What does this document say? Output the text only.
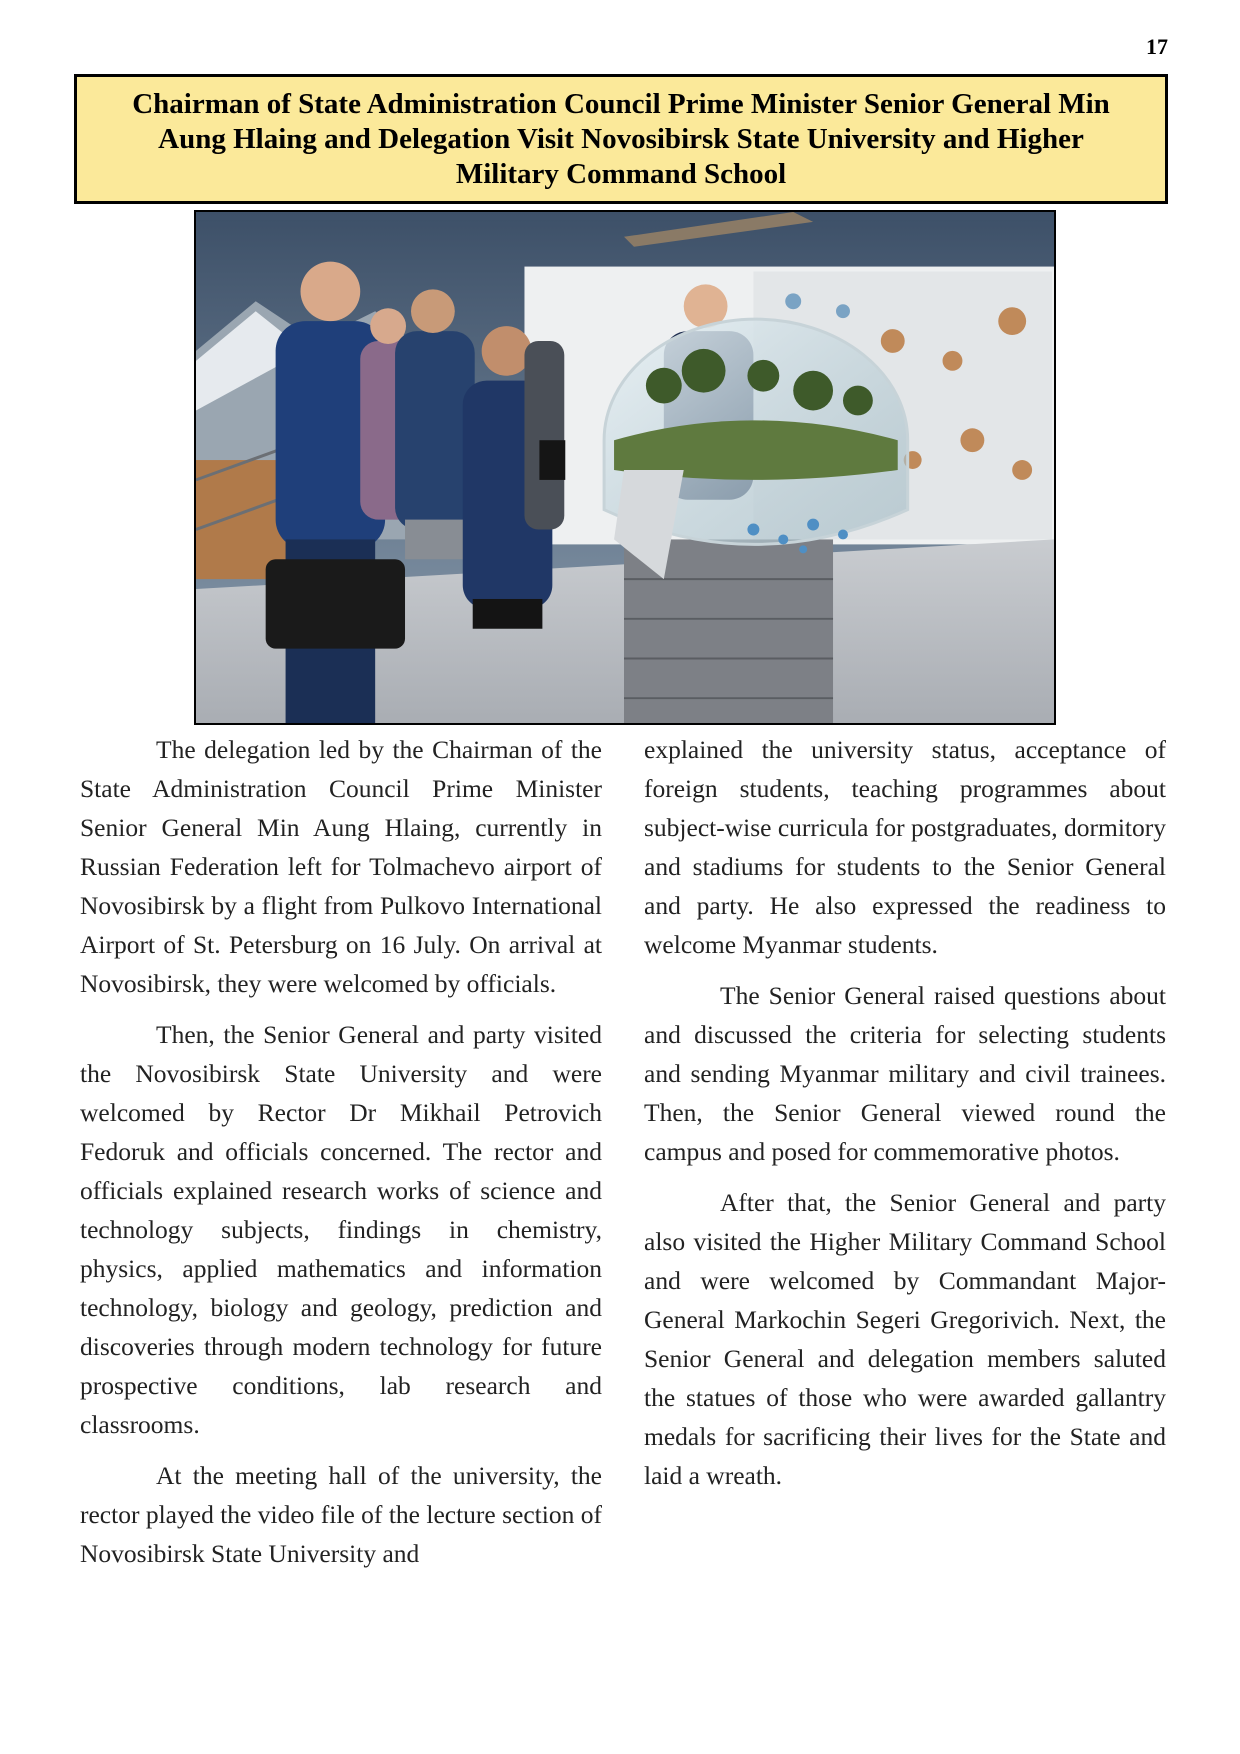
17
Chairman of State Administration Council Prime Minister Senior General Min Aung Hlaing and Delegation Visit Novosibirsk State University and Higher Military Command School

The delegation led by the Chairman of the State Administration Council Prime Minister Senior General Min Aung Hlaing, currently in Russian Federation left for Tolmachevo airport of Novosibirsk by a flight from Pulkovo International Airport of St. Petersburg on 16 July. On arrival at Novosibirsk, they were welcomed by officials.

Then, the Senior General and party visited the Novosibirsk State University and were welcomed by Rector Dr Mikhail Petrovich Fedoruk and officials concerned. The rector and officials explained research works of science and technology subjects, findings in chemistry, physics, applied mathematics and information technology, biology and geology, prediction and discoveries through modern technology for future prospective conditions, lab research and classrooms.

At the meeting hall of the university, the rector played the video file of the lecture section of Novosibirsk State University and

explained the university status, acceptance of foreign students, teaching programmes about subject-wise curricula for postgraduates, dormitory and stadiums for students to the Senior General and party. He also expressed the readiness to welcome Myanmar students.

The Senior General raised questions about and discussed the criteria for selecting students and sending Myanmar military and civil trainees. Then, the Senior General viewed round the campus and posed for commemorative photos.

After that, the Senior General and party also visited the Higher Military Command School and were welcomed by Commandant Major-General Markochin Segeri Gregorivich. Next, the Senior General and delegation members saluted the statues of those who were awarded gallantry medals for sacrificing their lives for the State and laid a wreath.
